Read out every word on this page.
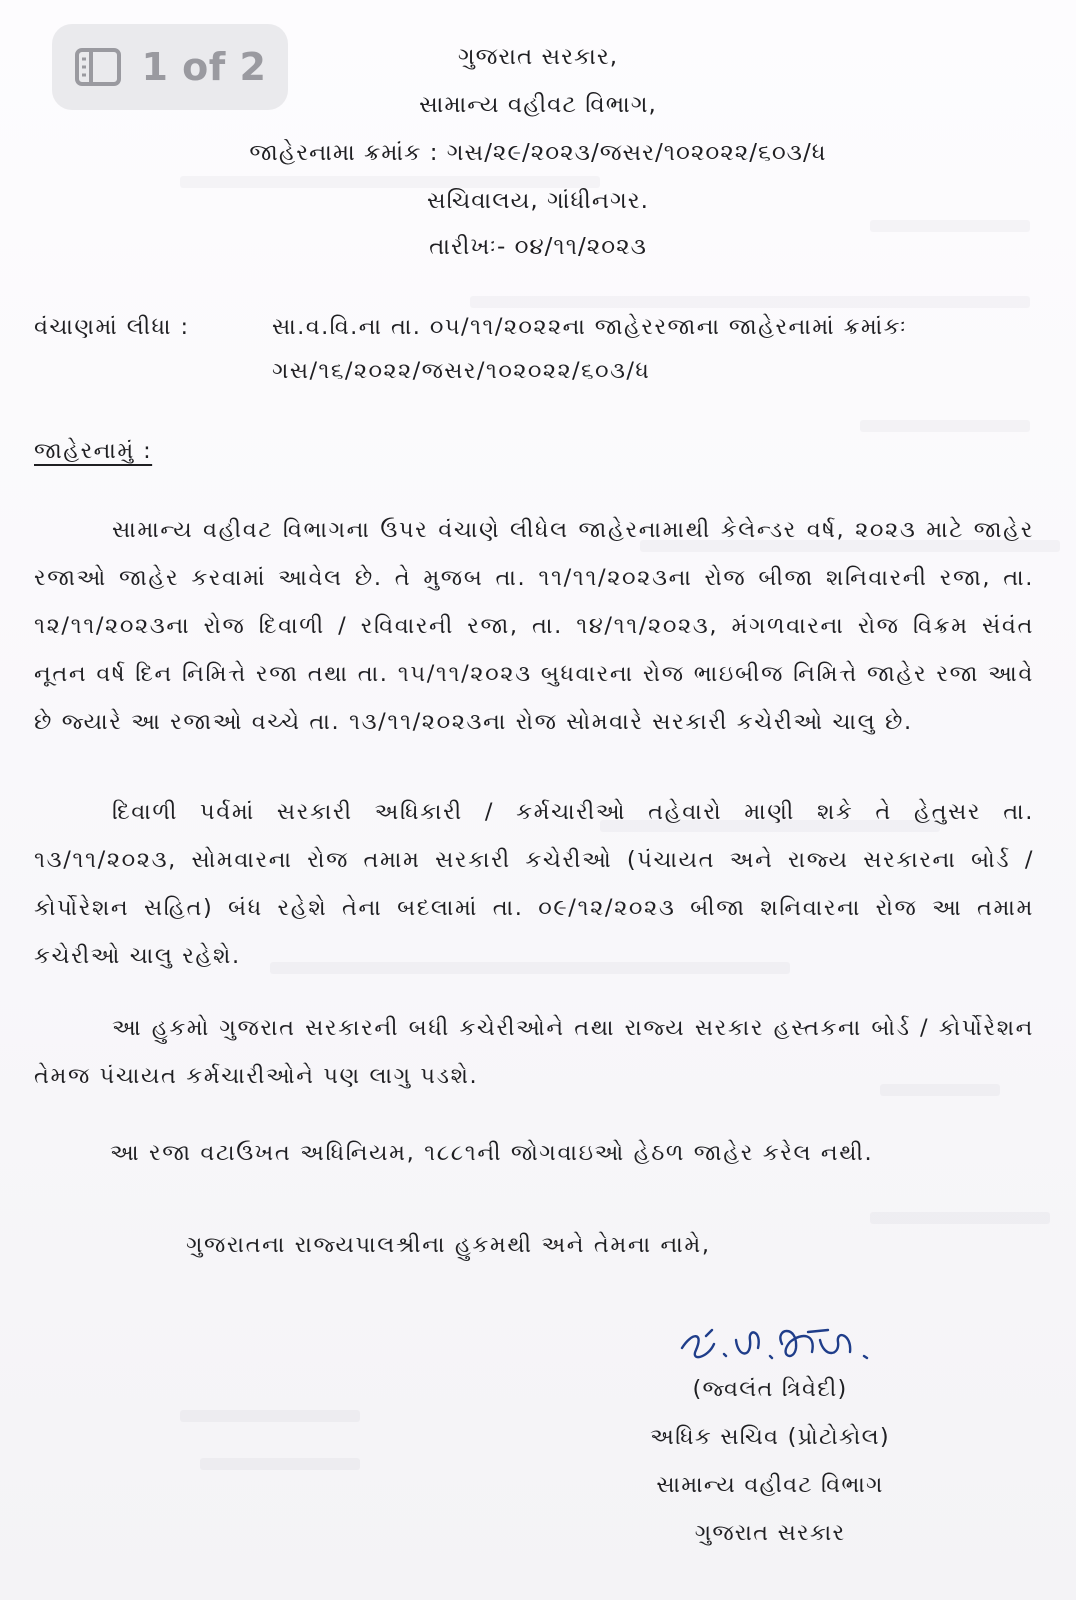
1 of 2	ગુજરાત સરકાર,
સામાન્ય વહીવટ વિભાગ,
જાહેરનામા ક્રમાંક : ગસ/૨૯/૨૦૨૩/જસર/૧૦૨૦૨૨/૬૦૩/ધ
સચિવાલય, ગાંધીનગર.
તારીખઃ- ૦૪/૧૧/૨૦૨૩
વંચાણમાં લીધા :	સા.વ.વિ.ના તા. ૦૫/૧૧/૨૦૨૨ના જાહેરરજાના જાહેરનામાં ક્રમાંકઃ
ગસ/૧૬/૨૦૨૨/જસર/૧૦૨૦૨૨/૬૦૩/ધ
જાહેરનામું :
સામાન્ય વહીવટ વિભાગના ઉપર વંચાણે લીધેલ જાહેરનામાથી કેલેન્ડર વર્ષ, ૨૦૨૩ માટે જાહેર રજાઓ જાહેર કરવામાં આવેલ છે. તે મુજબ તા. ૧૧/૧૧/૨૦૨૩ના રોજ બીજા શનિવારની રજા, તા. ૧૨/૧૧/૨૦૨૩ના રોજ દિવાળી / રવિવારની રજા, તા. ૧૪/૧૧/૨૦૨૩, મંગળવારના રોજ વિક્રમ સંવંત નૂતન વર્ષ દિન નિમિત્તે રજા તથા તા. ૧૫/૧૧/૨૦૨૩ બુધવારના રોજ ભાઇબીજ નિમિત્તે જાહેર રજા આવે છે જ્યારે આ રજાઓ વચ્ચે તા. ૧૩/૧૧/૨૦૨૩ના રોજ સોમવારે સરકારી કચેરીઓ ચાલુ છે.
દિવાળી પર્વમાં સરકારી અધિકારી / કર્મચારીઓ તહેવારો માણી શકે તે હેતુસર તા. ૧૩/૧૧/૨૦૨૩, સોમવારના રોજ તમામ સરકારી કચેરીઓ (પંચાયત અને રાજ્ય સરકારના બોર્ડ / કોર્પોરેશન સહિત) બંધ રહેશે તેના બદલામાં તા. ૦૯/૧૨/૨૦૨૩ બીજા શનિવારના રોજ આ તમામ કચેરીઓ ચાલુ રહેશે.
આ હુકમો ગુજરાત સરકારની બધી કચેરીઓને તથા રાજ્ય સરકાર હસ્તકના બોર્ડ / કોર્પોરેશન તેમજ પંચાયત કર્મચારીઓને પણ લાગુ પડશે.
આ રજા વટાઉખત અધિનિયમ, ૧૮૮૧ની જોગવાઇઓ હેઠળ જાહેર કરેલ નથી.
ગુજરાતના રાજ્યપાલશ્રીના હુકમથી અને તેમના નામે,
(જ્વલંત ત્રિવેદી)
અધિક સચિવ (પ્રોટોકોલ)
સામાન્ય વહીવટ વિભાગ
ગુજરાત સરકાર
